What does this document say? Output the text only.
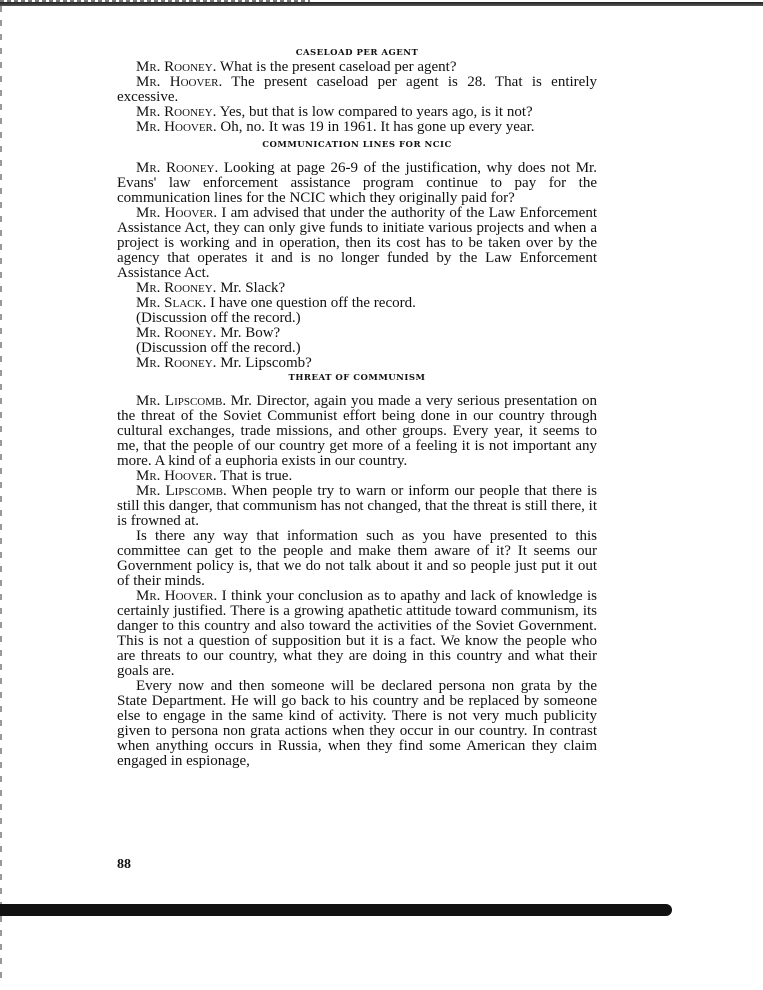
CASELOAD PER AGENT

Mr. Rooney. What is the present caseload per agent?

Mr. Hoover. The present caseload per agent is 28. That is entirely excessive.

Mr. Rooney. Yes, but that is low compared to years ago, is it not?

Mr. Hoover. Oh, no. It was 19 in 1961. It has gone up every year.

COMMUNICATION LINES FOR NCIC

Mr. Rooney. Looking at page 26-9 of the justification, why does not Mr. Evans' law enforcement assistance program continue to pay for the communication lines for the NCIC which they originally paid for?

Mr. Hoover. I am advised that under the authority of the Law Enforcement Assistance Act, they can only give funds to initiate various projects and when a project is working and in operation, then its cost has to be taken over by the agency that operates it and is no longer funded by the Law Enforcement Assistance Act.

Mr. Rooney. Mr. Slack?

Mr. Slack. I have one question off the record.

(Discussion off the record.)

Mr. Rooney. Mr. Bow?

(Discussion off the record.)

Mr. Rooney. Mr. Lipscomb?

THREAT OF COMMUNISM

Mr. Lipscomb. Mr. Director, again you made a very serious presentation on the threat of the Soviet Communist effort being done in our country through cultural exchanges, trade missions, and other groups. Every year, it seems to me, that the people of our country get more of a feeling it is not important any more. A kind of a euphoria exists in our country.

Mr. Hoover. That is true.

Mr. Lipscomb. When people try to warn or inform our people that there is still this danger, that communism has not changed, that the threat is still there, it is frowned at.

Is there any way that information such as you have presented to this committee can get to the people and make them aware of it? It seems our Government policy is, that we do not talk about it and so people just put it out of their minds.

Mr. Hoover. I think your conclusion as to apathy and lack of knowledge is certainly justified. There is a growing apathetic attitude toward communism, its danger to this country and also toward the activities of the Soviet Government. This is not a question of supposition but it is a fact. We know the people who are threats to our country, what they are doing in this country and what their goals are.

Every now and then someone will be declared persona non grata by the State Department. He will go back to his country and be replaced by someone else to engage in the same kind of activity. There is not very much publicity given to persona non grata actions when they occur in our country. In contrast when anything occurs in Russia, when they find some American they claim engaged in espionage,

88
